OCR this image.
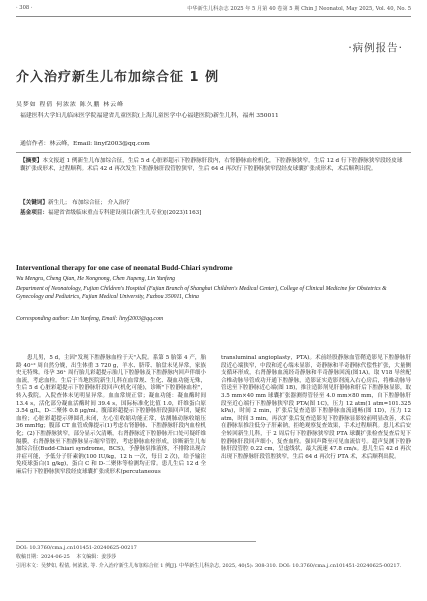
· 308 ·	中华新生儿科杂志 2025 年 5 月第 40 卷第 5 期 Chin J Neonatol, May 2025, Vol. 40, No. 5
·病例报告·
介入治疗新生儿布加综合征 1 例
吴梦如 程倩 何浓浓 陈久鹏 林云峰
福建医科大学妇儿临床医学院福建省儿童医院(上海儿童医学中心福建医院)新生儿科，福州 350011
通信作者：林云峰，Email: linyf2003@qq.com
【摘要】本文报道 1 例新生儿布加综合征，生后 5 d 心脏彩超示下腔静脉肝段内，右肾静脉血栓机化，下腔静脉狭窄，生后 12 d 行下腔静脉狭窄段经皮球囊扩张成形术，过程顺利。术后 42 d 再次发生下腔静脉肝段管腔狭窄，生后 64 d 再次行下腔静脉狭窄段经皮球囊扩张成形术，术后顺利出院。
【关键词】新生儿； 布加综合征； 介入治疗
基金项目：福建省省级临床重点专科建设项目(新生儿专业)[(2023)1163]
Interventional therapy for one case of neonatal Budd-Chiari syndrome
Wu Mengru, Cheng Qian, He Nongnong, Chen Jiupeng, Lin Yunfeng
Department of Neonatology, Fujian Children's Hospital (Fujian Branch of Shanghai Children's Medical Center), College of Clinical Medicine for Obstetrics & Gynecology and Pediatrics, Fujian Medical University, Fuzhou 350011, China
Corresponding author: Lin Yunfeng, Email: linyf2003@qq.com
患儿男，5 d，主因"发现下腔静脉血栓于天"入院。系第 5 胎第 4 产，胎龄 40⁺² 周自然分娩，出生体重 3 720 g，羊水、脐带、胎盘未见异常，家族史无特殊。母孕 36⁺ 周行胎儿彩超提示胎儿下腔静脉及下腔静脉内回声伴细小血流，考虑血栓。生后于当地医院新生儿科在血常规、生化、凝血功能无殊，生后 5 d 心脏彩超提示下腔静脉肝段回声(机化可能)，诊断"下腔静脉血栓"，转入我院。入院查体未见明显异常。血血常规正常；凝血功能：凝血酶时间 13.4 s，活化部分凝血活酶时间 39.4 s，国际标准化比值 1.0，纤维蛋白原 3.54 g/L，D-二聚体 0.8 μg/ml。腹部彩超提示下腔静脉肝段强回声团，疑似血栓；心脏彩超提示卵圆孔未闭，左心室收缩功能正常，估测肺动脉收缩压 36 mmHg；腹部 CT 血管成像提示(1)考虑右肾静脉、下腔静脉肝段内血栓机化；(2)下腔静脉狭窄，部分显示欠清晰，右肾静脉近下腔静脉开口处可疑纤维隔膜，右肾静脉至下腔静脉显示缩窄管腔，考虑静脉血栓形成，诊断新生儿布加综合征(Budd-Chiari syndrome，BCS)，予静脉泵推液体，不排除出现合并症可能，予低分子肝素钠(100 IU/kg，12 h 一次，每日 2 次)，给予输注免疫球蛋白(1 g/kg)，蛋白 C 和 D-二聚体等检测均正常。患儿生后 12 d 全麻后行下腔静脉狭窄段经皮球囊扩张成形术(percutaneous
transluminal angioplasty，PTA)。术前经股静脉血管鞘造影见下腔静脉肝段近心端狭窄，中段和近心端未显影，奇静脉和半奇静脉代偿性扩张，大量侧支循环形成，右肾静脉血流经奇静脉和半奇静脉回流(图1A)。取 V18 导丝配合椎动脉导管成功开通下腔静脉，造影证实造影剂流入右心房后，将椎动脉导管送至下腔静脉近心端(图 1B)，推注造影剂见肝静脉和肝后下腔静脉显影，取 3.5 mm×40 mm 球囊扩张器测得管径至 4.0 mm×80 mm，自下腔静脉肝段至近心端行下腔静脉狭窄段 PTA(图 1C)，压力 12 atm(1 atm=101.325 kPa)，时间 2 min，扩张后复查造影下腔静脉血流通畅(图 1D)，压力 12 atm，时间 3 min。再次扩张后复查造影见下腔静脉显影较前明显改善，术后在静脉泵推注低分子肝素钠，拒绝观察复查效果，手术过程顺利。患儿术后安全转回新生儿科，于 2 周后行下腔静脉狭窄段 PTA 球囊扩张检查复查后见下腔静脉肝段回声细小，复查血栓。强回声降至可见血流信号。超声复测下腔静脉肝段管腔 0.22 cm，呈虚线状，最大流速 47.8 cm/s。患儿生后 42 d 再次出现下腔静脉肝段管腔狭窄，生后 64 d 再次行 PTA 术，术后顺利出院。
DOI: 10.3760/cma.j.cn101451-20240625-00217
收稿日期：2024-06-25 本文编辑：姜莎莎
引用本文：吴梦如, 程倩, 何浓浓, 等. 介入治疗新生儿布加综合征 1 例[J]. 中华新生儿科杂志, 2025, 40(5): 308-310. DOI: 10.3760/cma.j.cn101451-20240625-00217.
